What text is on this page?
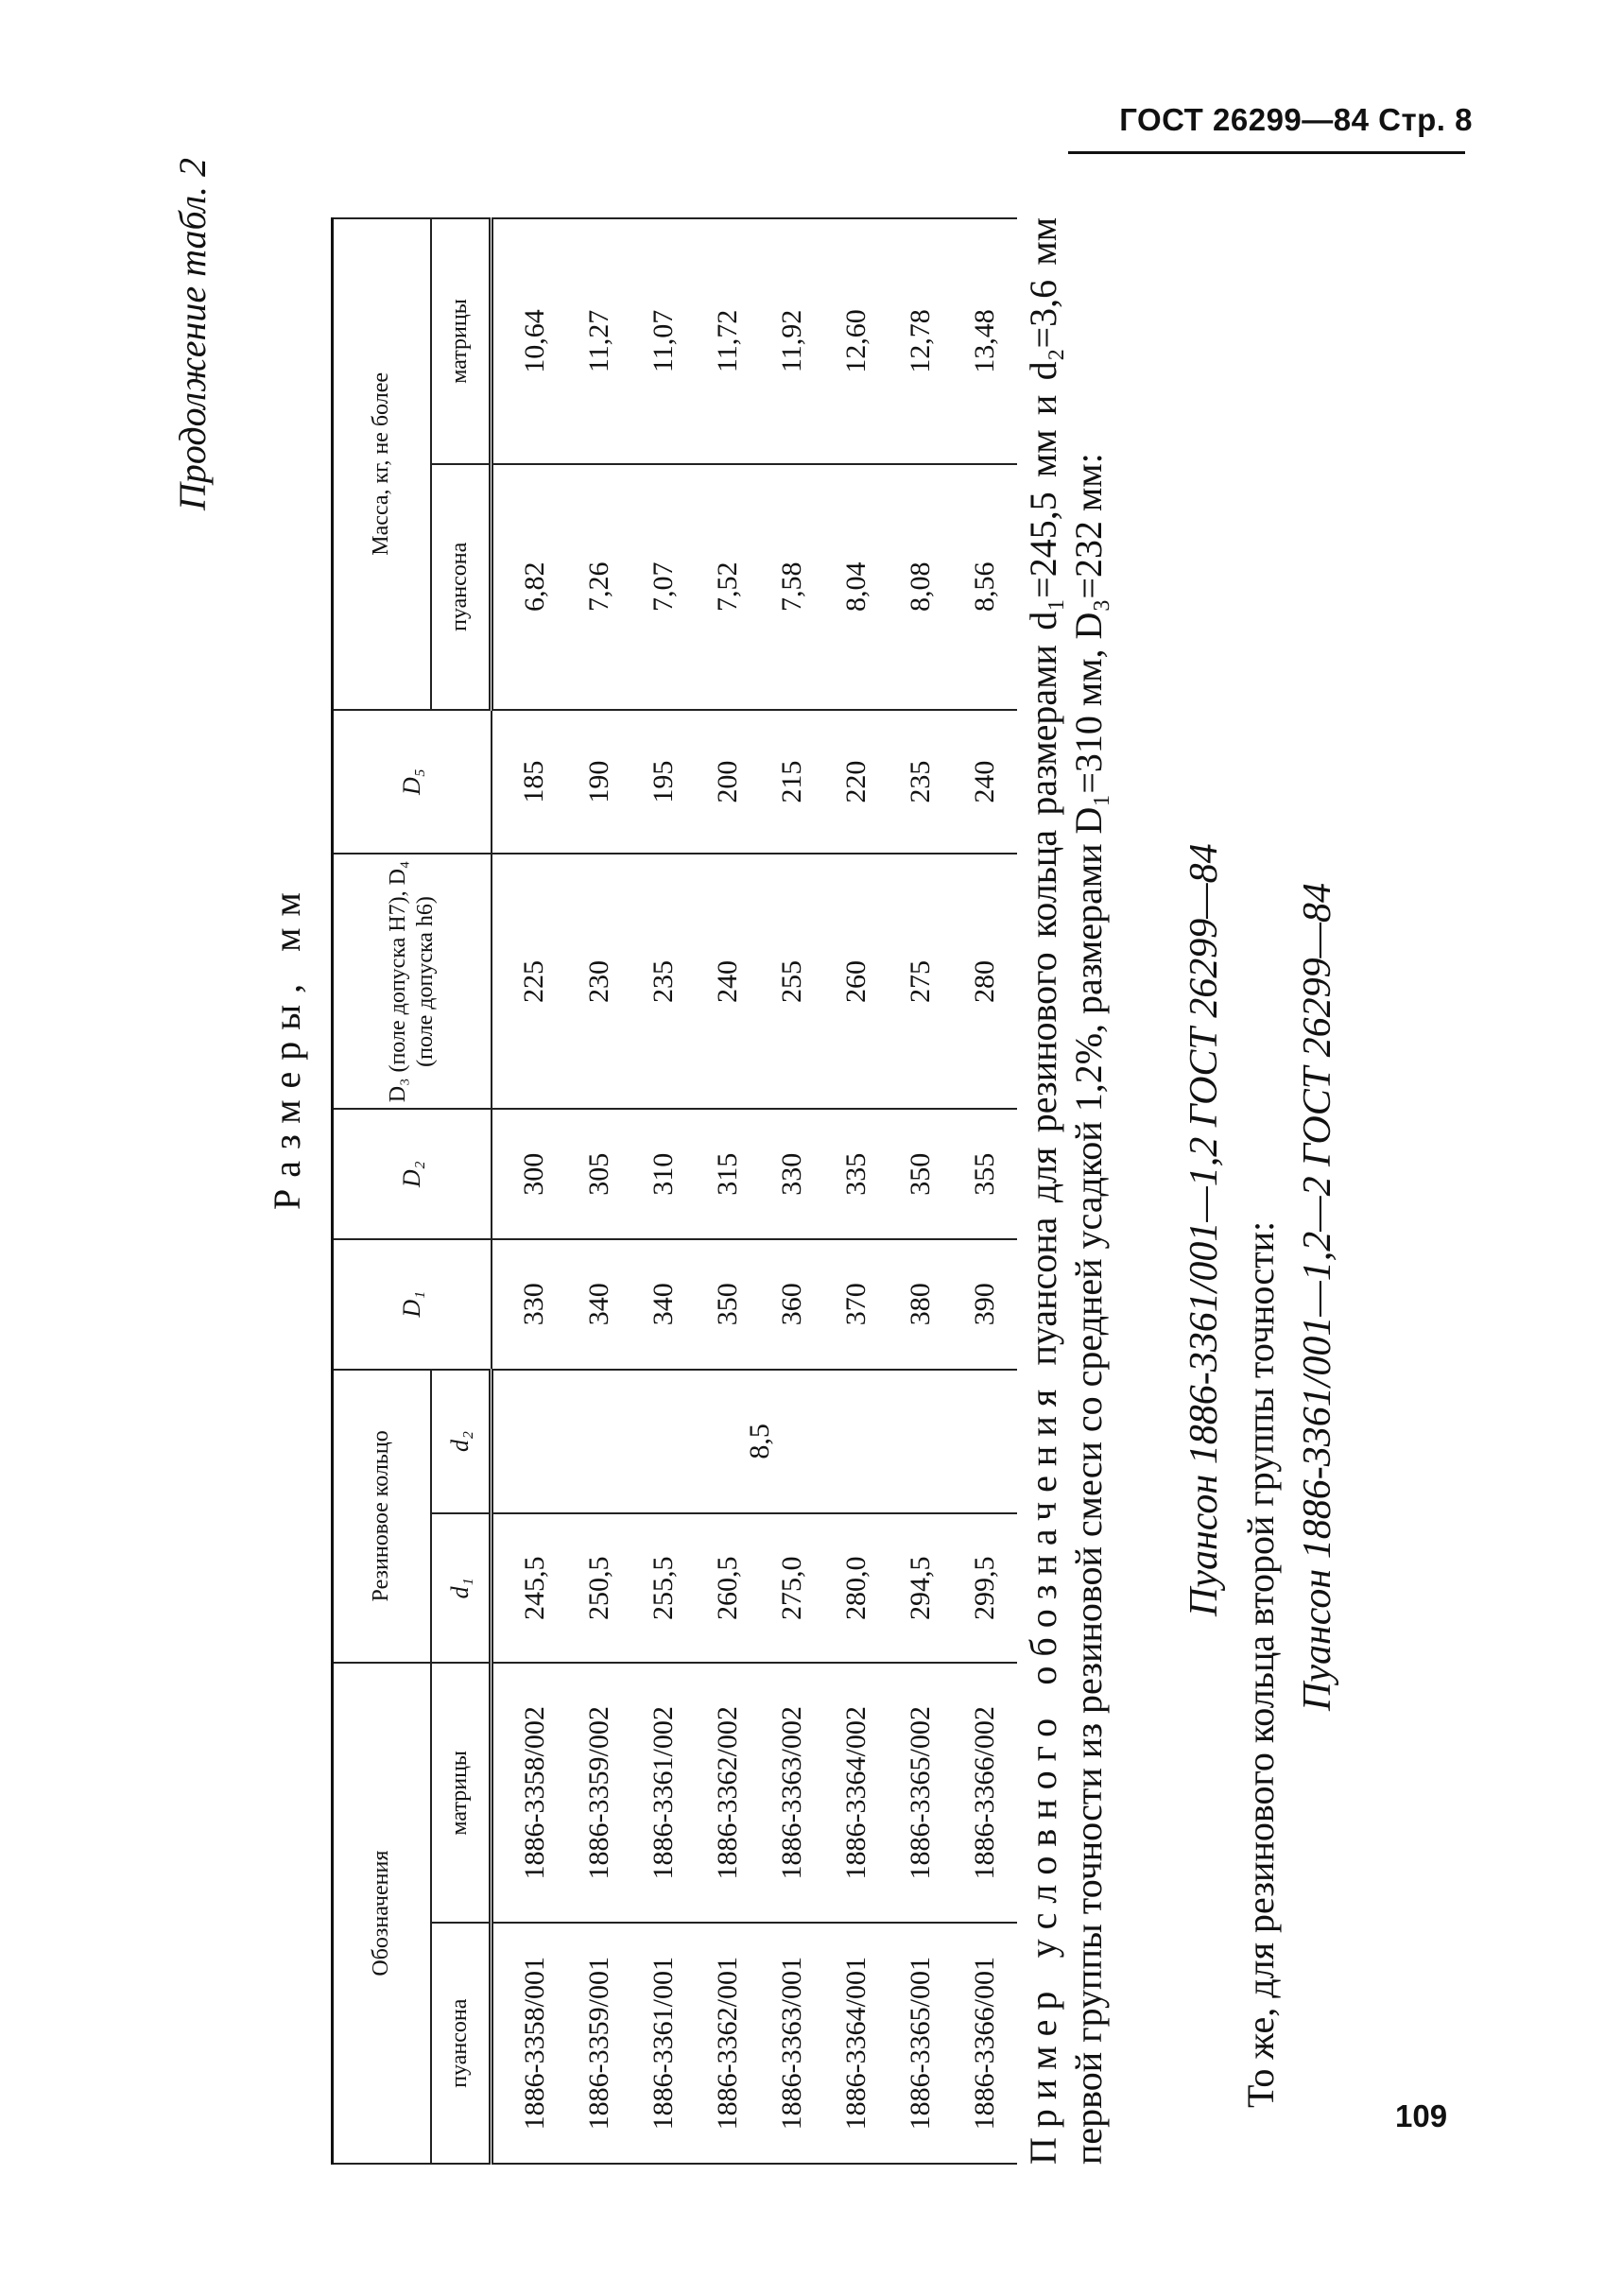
ГОСТ 26299—84 Стр. 8
109
Продолжение табл. 2
Размеры, мм
Обозначения		Резиновое кольцо		D₁	D₂	D₃ (поле допуска H7), D₄ (поле допуска h6)	D₅	Масса, кг, не более	
пуансона	матрицы	d₁	d₂					пуансона	матрицы
1886-3358/001	1886-3358/002	245,5	8,5	330	300	225	185	6,82	10,64
1886-3359/001	1886-3359/002	250,5		340	305	230	190	7,26	11,27
1886-3361/001	1886-3361/002	255,5		340	310	235	195	7,07	11,07
1886-3362/001	1886-3362/002	260,5		350	315	240	200	7,52	11,72
1886-3363/001	1886-3363/002	275,0		360	330	255	215	7,58	11,92
1886-3364/001	1886-3364/002	280,0		370	335	260	220	8,04	12,60
1886-3365/001	1886-3365/002	294,5		380	350	275	235	8,08	12,78
1886-3366/001	1886-3366/002	299,5		390	355	280	240	8,56	13,48
Пример условного обозначения пуансона для резинового кольца размерами d₁=245,5 мм и d₂=3,6 мм первой группы точности из резиновой смеси со средней усадкой 1,2%, размерами D₁=310 мм, D₃=232 мм: Пуансон 1886-3361/001—1,2 ГОСТ 26299—84 То же, для резинового кольца второй группы точности: Пуансон 1886-3361/001—1,2—2 ГОСТ 26299—84
